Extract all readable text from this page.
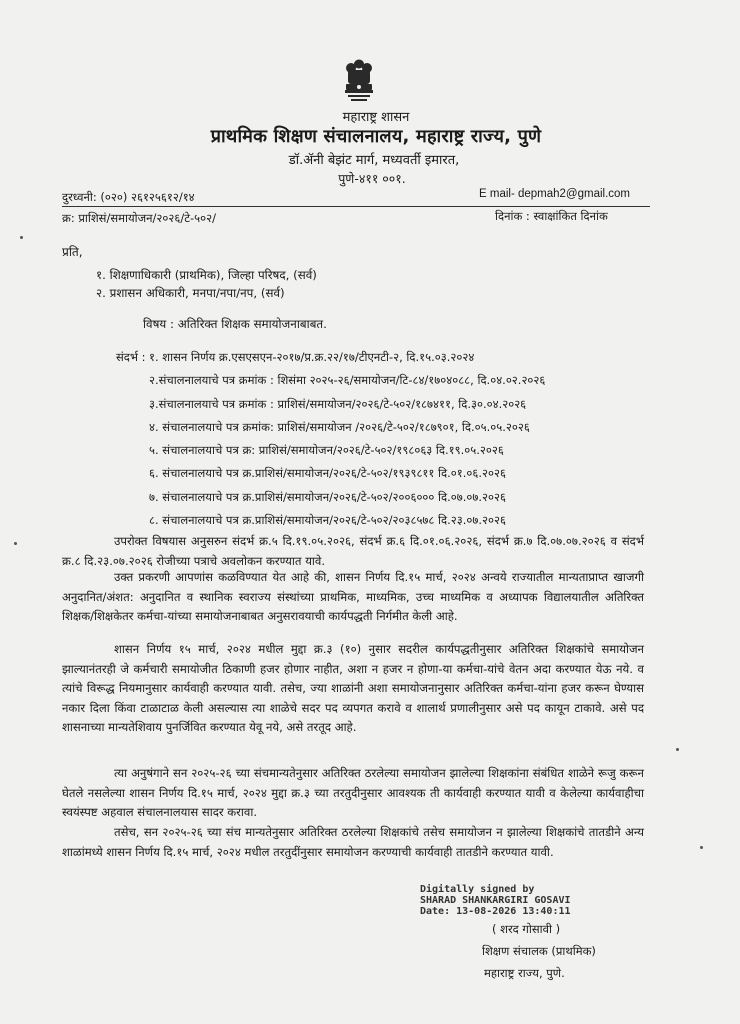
महाराष्ट्र शासन
प्राथमिक शिक्षण संचालनालय, महाराष्ट्र राज्य, पुणे
डॉ.ॲनी बेझंट मार्ग, मध्यवर्ती इमारत,
पुणे-४११ ००१.
दुरध्वनी: (०२०) २६१२५६१२/१४	E mail- depmah2@gmail.com
क्र: प्राशिसं/समायोजन/२०२६/टे-५०२/	दिनांक : स्वाक्षांकित दिनांक
प्रति,
१. शिक्षणाधिकारी (प्राथमिक), जिल्हा परिषद, (सर्व)
२. प्रशासन अधिकारी, मनपा/नपा/नप, (सर्व)
विषय : अतिरिक्त शिक्षक समायोजनाबाबत.
संदर्भ : १. शासन निर्णय क्र.एसएसएन-२०१७/प्र.क्र.२२/१७/टीएनटी-२, दि.१५.०३.२०२४
२.संचालनालयाचे पत्र क्रमांक : शिसंमा २०२५-२६/समायोजन/टि-८४/१७०४०८८, दि.०४.०२.२०२६
३.संचालनालयाचे पत्र क्रमांक : प्राशिसं/समायोजन/२०२६/टे-५०२/१८७४११, दि.३०.०४.२०२६
४. संचालनालयाचे पत्र क्रमांक: प्राशिसं/समायोजन /२०२६/टे-५०२/१८७९०१, दि.०५.०५.२०२६
५. संचालनालयाचे पत्र क्र: प्राशिसं/समायोजन/२०२६/टे-५०२/१९८०६३ दि.१९.०५.२०२६
६. संचालनालयाचे पत्र क्र.प्राशिसं/समायोजन/२०२६/टे-५०२/१९३९८११ दि.०१.०६.२०२६
७. संचालनालयाचे पत्र क्र.प्राशिसं/समायोजन/२०२६/टे-५०२/२००६००० दि.०७.०७.२०२६
८. संचालनालयाचे पत्र क्र.प्राशिसं/समायोजन/२०२६/टे-५०२/२०३८५७८ दि.२३.०७.२०२६
उपरोक्त विषयास अनुसरुन संदर्भ क्र.५ दि.१९.०५.२०२६, संदर्भ क्र.६ दि.०१.०६.२०२६, संदर्भ क्र.७ दि.०७.०७.२०२६ व संदर्भ क्र.८ दि.२३.०७.२०२६ रोजीच्या पत्राचे अवलोकन करण्यात यावे.
उक्त प्रकरणी आपणांस कळविण्यात येत आहे की, शासन निर्णय दि.१५ मार्च, २०२४ अन्वये राज्यातील मान्यताप्राप्त खाजगी अनुदानित/अंशत: अनुदानित व स्थानिक स्वराज्य संस्थांच्या प्राथमिक, माध्यमिक, उच्च माध्यमिक व अध्यापक विद्यालयातील अतिरिक्त शिक्षक/शिक्षकेतर कर्मचा-यांच्या समायोजनाबाबत अनुसरावयाची कार्यपद्धती निर्गमीत केली आहे.
शासन निर्णय १५ मार्च, २०२४ मधील मुद्दा क्र.३ (१०) नुसार सदरील कार्यपद्धतीनुसार अतिरिक्त शिक्षकांचे समायोजन झाल्यानंतरही जे कर्मचारी समायोजीत ठिकाणी हजर होणार नाहीत, अशा न हजर न होणा-या कर्मचा-यांचे वेतन अदा करण्यात येऊ नये. व त्यांचे विरूद्ध नियमानुसार कार्यवाही करण्यात यावी. तसेच, ज्या शाळांनी अशा समायोजनानुसार अतिरिक्त कर्मचा-यांना हजर करून घेण्यास नकार दिला किंवा टाळाटाळ केली असल्यास त्या शाळेचे सदर पद व्यपगत करावे व शालार्थ प्रणालीनुसार असे पद कायून टाकावे. असे पद शासनाच्या मान्यतेशिवाय पुनर्जिवित करण्यात येवू नये, असे तरतूद आहे.
त्या अनुषंगाने सन २०२५-२६ च्या संचमान्यतेनुसार अतिरिक्त ठरलेल्या समायोजन झालेल्या शिक्षकांना संबंधित शाळेने रूजु करून घेतले नसलेल्या शासन निर्णय दि.१५ मार्च, २०२४ मुद्दा क्र.३ च्या तरतुदीनुसार आवश्यक ती कार्यवाही करण्यात यावी व केलेल्या कार्यवाहीचा स्वयंस्पष्ट अहवाल संचालनालयास सादर करावा.
तसेच, सन २०२५-२६ च्या संच मान्यतेनुसार अतिरिक्त ठरलेल्या शिक्षकांचे तसेच समायोजन न झालेल्या शिक्षकांचे तातडीने अन्य शाळांमध्ये शासन निर्णय दि.१५ मार्च, २०२४ मधील तरतुदींनुसार समायोजन करण्याची कार्यवाही तातडीने करण्यात यावी.
Digitally signed by
SHARAD SHANKARGIRI GOSAVI
Date: 13-08-2026 13:40:11
( शरद गोसावी )
शिक्षण संचालक (प्राथमिक)
महाराष्ट्र राज्य, पुणे.
